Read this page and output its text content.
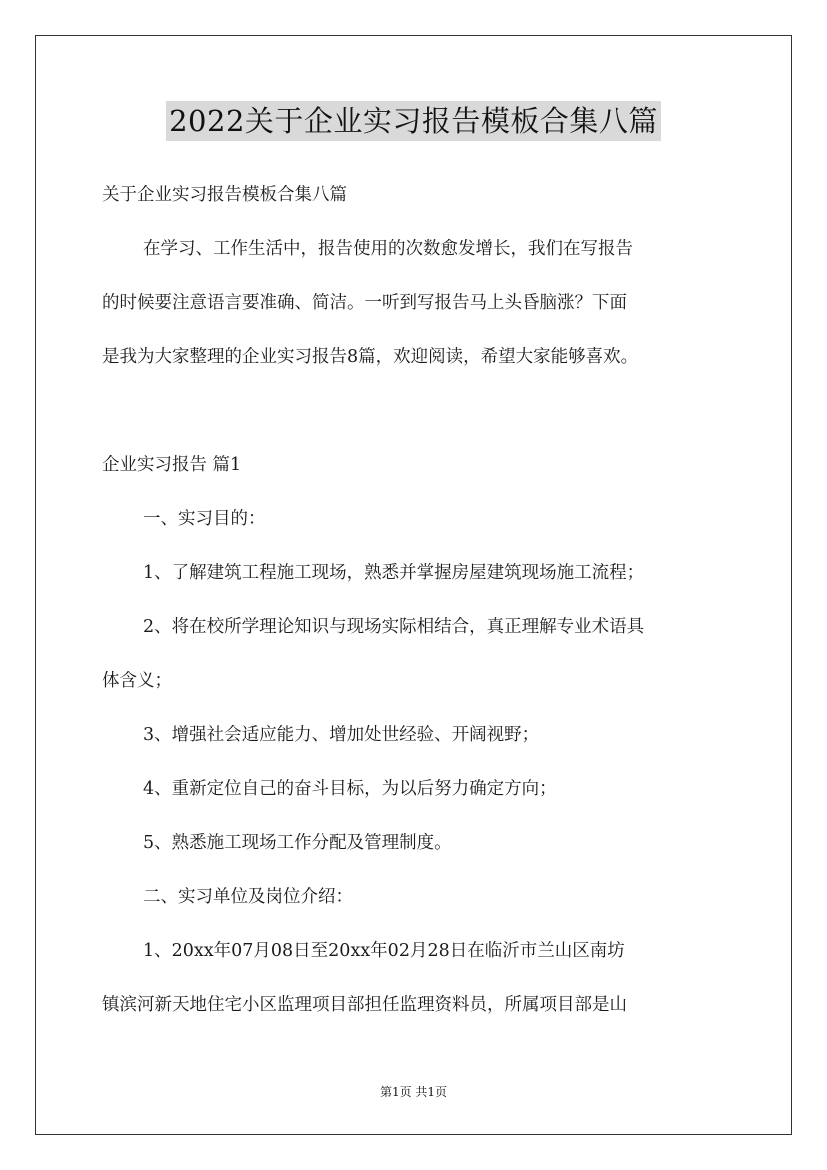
2022关于企业实习报告模板合集八篇
关于企业实习报告模板合集八篇
在学习、工作生活中，报告使用的次数愈发增长，我们在写报告
的时候要注意语言要准确、简洁。一听到写报告马上头昏脑涨？下面
是我为大家整理的企业实习报告8篇，欢迎阅读，希望大家能够喜欢。
企业实习报告 篇1
一、实习目的：
1、了解建筑工程施工现场，熟悉并掌握房屋建筑现场施工流程；
2、将在校所学理论知识与现场实际相结合，真正理解专业术语具
体含义；
3、增强社会适应能力、增加处世经验、开阔视野；
4、重新定位自己的奋斗目标，为以后努力确定方向；
5、熟悉施工现场工作分配及管理制度。
二、实习单位及岗位介绍：
1、20xx年07月08日至20xx年02月28日在临沂市兰山区南坊
镇滨河新天地住宅小区监理项目部担任监理资料员，所属项目部是山
第1页 共1页
